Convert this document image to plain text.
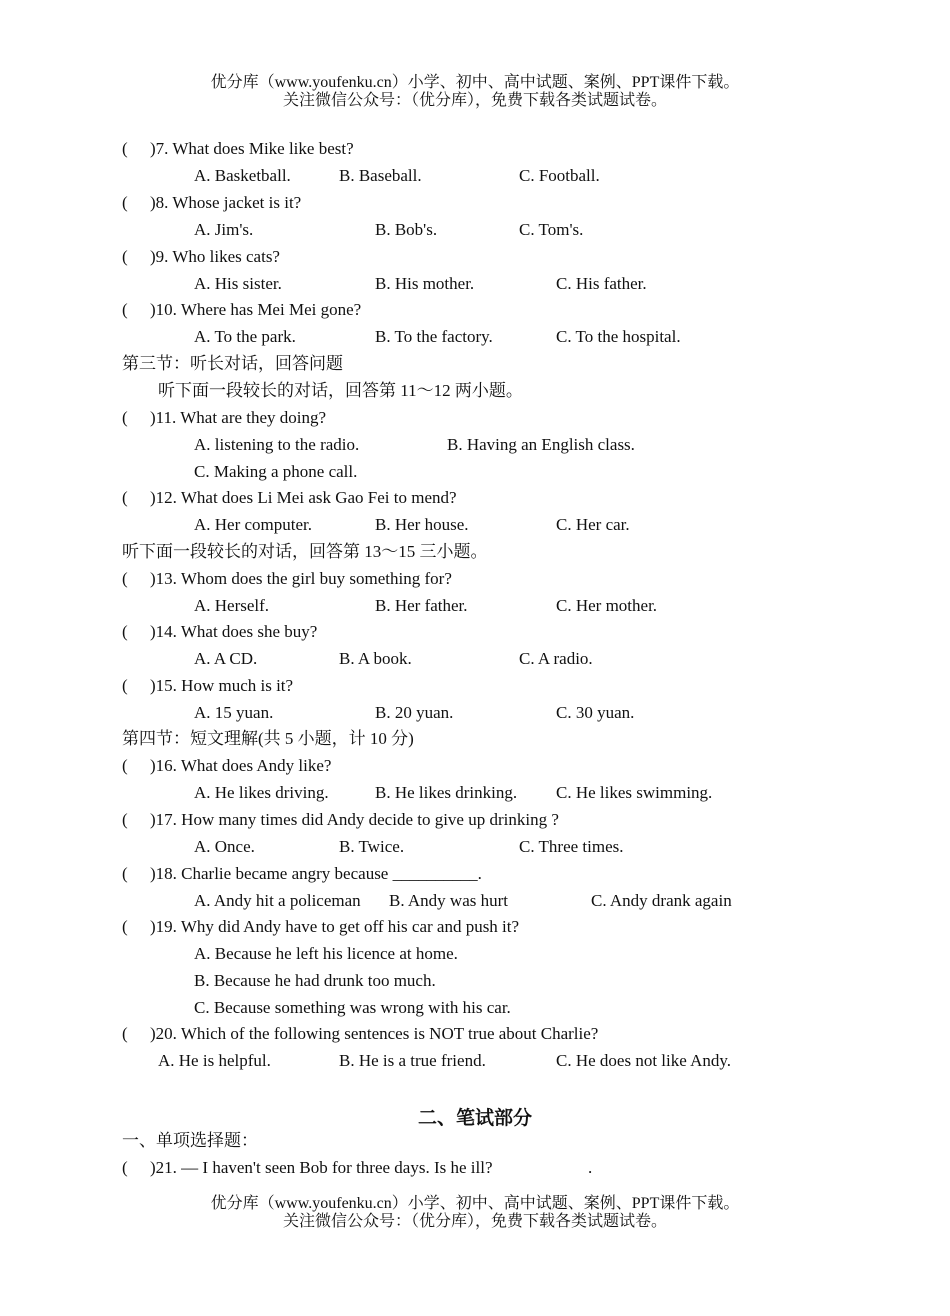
优分库（www.youfenku.cn）小学、初中、高中试题、案例、PPT课件下载。
关注微信公众号：（优分库），免费下载各类试题试卷。
( )7. What does Mike like best?
A. Basketball.	B. Baseball.	C. Football.
( )8. Whose jacket is it?
A. Jim's.	B. Bob's.	C. Tom's.
( )9. Who likes cats?
A. His sister.	B. His mother.	C. His father.
( )10. Where has Mei Mei gone?
A. To the park.	B. To the factory.	C. To the hospital.
第三节：听长对话，回答问题
听下面一段较长的对话，回答第 11～12 两小题。
( )11. What are they doing?
A. listening to the radio.	B. Having an English class.
C. Making a phone call.
( )12. What does Li Mei ask Gao Fei to mend?
A. Her computer.	B. Her house.	C. Her car.
听下面一段较长的对话，回答第 13～15 三小题。
( )13. Whom does the girl buy something for?
A. Herself.	B. Her father.	C. Her mother.
( )14. What does she buy?
A. A CD.	B. A book.	C. A radio.
( )15. How much is it?
A. 15 yuan.	B. 20 yuan.	C. 30 yuan.
第四节：短文理解(共 5 小题，计 10 分)
( )16. What does Andy like?
A. He likes driving.	B. He likes drinking. C. He likes swimming.
( )17. How many times did Andy decide to give up drinking ?
A. Once.	B. Twice.	C. Three times.
( )18. Charlie became angry because __________.
A. Andy hit a policeman B. Andy was hurt	C. Andy drank again
( )19. Why did Andy have to get off his car and push it?
A. Because he left his licence at home.
B. Because he had drunk too much.
C. Because something was wrong with his car.
( )20. Which of the following sentences is NOT true about Charlie?
A. He is helpful.	B. He is a true friend.	C. He does not like Andy.
二、笔试部分
一、单项选择题：
( )21. — I haven't seen Bob for three days. Is he ill?	.
优分库（www.youfenku.cn）小学、初中、高中试题、案例、PPT课件下载。
关注微信公众号：（优分库），免费下载各类试题试卷。
